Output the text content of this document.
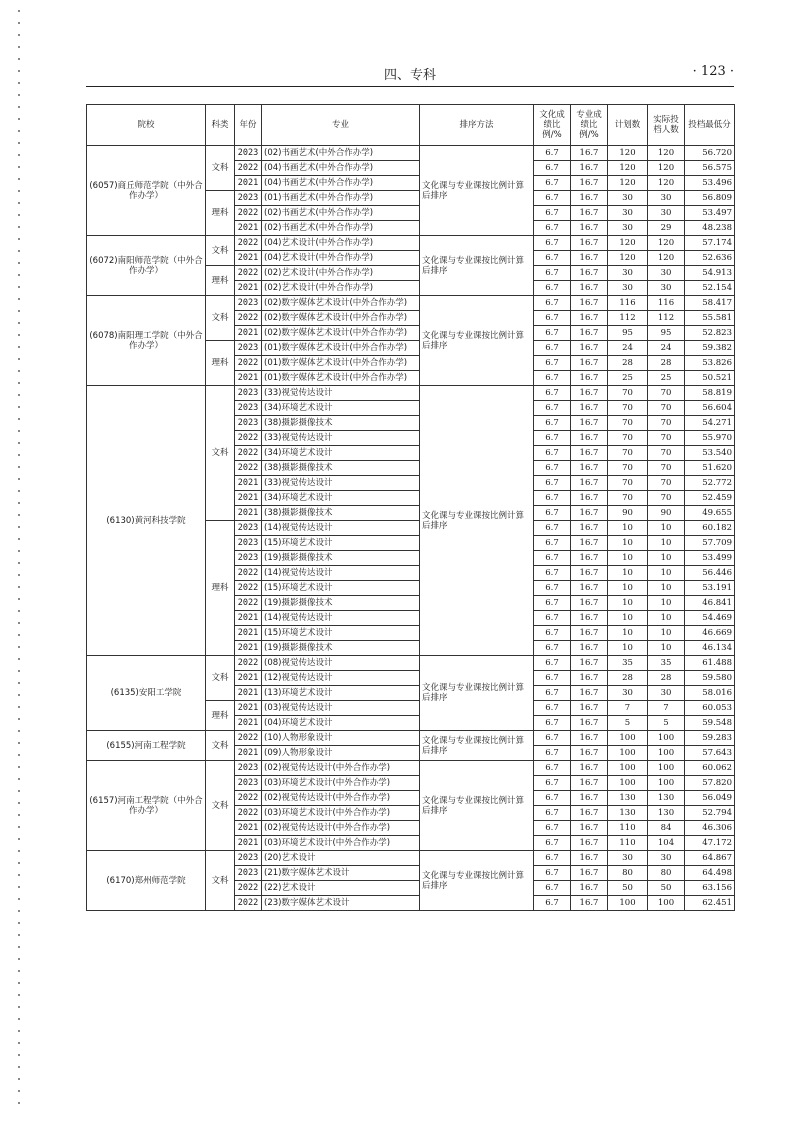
四、专科	· 123 ·
院校	科类	年份	专业	排序方法	文化成绩比例/%	专业成绩比例/%	计划数	实际投档人数	投档最低分
(6057)商丘师范学院（中外合作办学）	文科	2023	(02)书画艺术(中外合作办学)	文化课与专业课按比例计算后排序	6.7	16.7	120	120	56.720
		2022	(04)书画艺术(中外合作办学)		6.7	16.7	120	120	56.575
		2021	(04)书画艺术(中外合作办学)		6.7	16.7	120	120	53.496
	理科	2023	(01)书画艺术(中外合作办学)		6.7	16.7	30	30	56.809
		2022	(02)书画艺术(中外合作办学)		6.7	16.7	30	30	53.497
		2021	(02)书画艺术(中外合作办学)		6.7	16.7	30	29	48.238
(6072)南阳师范学院（中外合作办学）	文科	2022	(04)艺术设计(中外合作办学)	文化课与专业课按比例计算后排序	6.7	16.7	120	120	57.174
		2021	(04)艺术设计(中外合作办学)		6.7	16.7	120	120	52.636
	理科	2022	(02)艺术设计(中外合作办学)		6.7	16.7	30	30	54.913
		2021	(02)艺术设计(中外合作办学)		6.7	16.7	30	30	52.154
(6078)南阳理工学院（中外合作办学）	文科	2023	(02)数字媒体艺术设计(中外合作办学)	文化课与专业课按比例计算后排序	6.7	16.7	116	116	58.417
		2022	(02)数字媒体艺术设计(中外合作办学)		6.7	16.7	112	112	55.581
		2021	(02)数字媒体艺术设计(中外合作办学)		6.7	16.7	95	95	52.823
	理科	2023	(01)数字媒体艺术设计(中外合作办学)		6.7	16.7	24	24	59.382
		2022	(01)数字媒体艺术设计(中外合作办学)		6.7	16.7	28	28	53.826
		2021	(01)数字媒体艺术设计(中外合作办学)		6.7	16.7	25	25	50.521
(6130)黄河科技学院	文科	2023	(33)视觉传达设计	文化课与专业课按比例计算后排序	6.7	16.7	70	70	58.819
		2023	(34)环境艺术设计		6.7	16.7	70	70	56.604
		2023	(38)摄影摄像技术		6.7	16.7	70	70	54.271
		2022	(33)视觉传达设计		6.7	16.7	70	70	55.970
		2022	(34)环境艺术设计		6.7	16.7	70	70	53.540
		2022	(38)摄影摄像技术		6.7	16.7	70	70	51.620
		2021	(33)视觉传达设计		6.7	16.7	70	70	52.772
		2021	(34)环境艺术设计		6.7	16.7	70	70	52.459
		2021	(38)摄影摄像技术		6.7	16.7	90	90	49.655
	理科	2023	(14)视觉传达设计		6.7	16.7	10	10	60.182
		2023	(15)环境艺术设计		6.7	16.7	10	10	57.709
		2023	(19)摄影摄像技术		6.7	16.7	10	10	53.499
		2022	(14)视觉传达设计		6.7	16.7	10	10	56.446
		2022	(15)环境艺术设计		6.7	16.7	10	10	53.191
		2022	(19)摄影摄像技术		6.7	16.7	10	10	46.841
		2021	(14)视觉传达设计		6.7	16.7	10	10	54.469
		2021	(15)环境艺术设计		6.7	16.7	10	10	46.669
		2021	(19)摄影摄像技术		6.7	16.7	10	10	46.134
(6135)安阳工学院	文科	2022	(08)视觉传达设计	文化课与专业课按比例计算后排序	6.7	16.7	35	35	61.488
		2021	(12)视觉传达设计		6.7	16.7	28	28	59.580
		2021	(13)环境艺术设计		6.7	16.7	30	30	58.016
	理科	2021	(03)视觉传达设计		6.7	16.7	7	7	60.053
		2021	(04)环境艺术设计		6.7	16.7	5	5	59.548
(6155)河南工程学院	文科	2022	(10)人物形象设计	文化课与专业课按比例计算后排序	6.7	16.7	100	100	59.283
		2021	(09)人物形象设计		6.7	16.7	100	100	57.643
(6157)河南工程学院（中外合作办学）	文科	2023	(02)视觉传达设计(中外合作办学)	文化课与专业课按比例计算后排序	6.7	16.7	100	100	60.062
		2023	(03)环境艺术设计(中外合作办学)		6.7	16.7	100	100	57.820
		2022	(02)视觉传达设计(中外合作办学)		6.7	16.7	130	130	56.049
		2022	(03)环境艺术设计(中外合作办学)		6.7	16.7	130	130	52.794
		2021	(02)视觉传达设计(中外合作办学)		6.7	16.7	110	84	46.306
		2021	(03)环境艺术设计(中外合作办学)		6.7	16.7	110	104	47.172
(6170)郑州师范学院	文科	2023	(20)艺术设计	文化课与专业课按比例计算后排序	6.7	16.7	30	30	64.867
		2023	(21)数字媒体艺术设计		6.7	16.7	80	80	64.498
		2022	(22)艺术设计		6.7	16.7	50	50	63.156
		2022	(23)数字媒体艺术设计		6.7	16.7	100	100	62.451
